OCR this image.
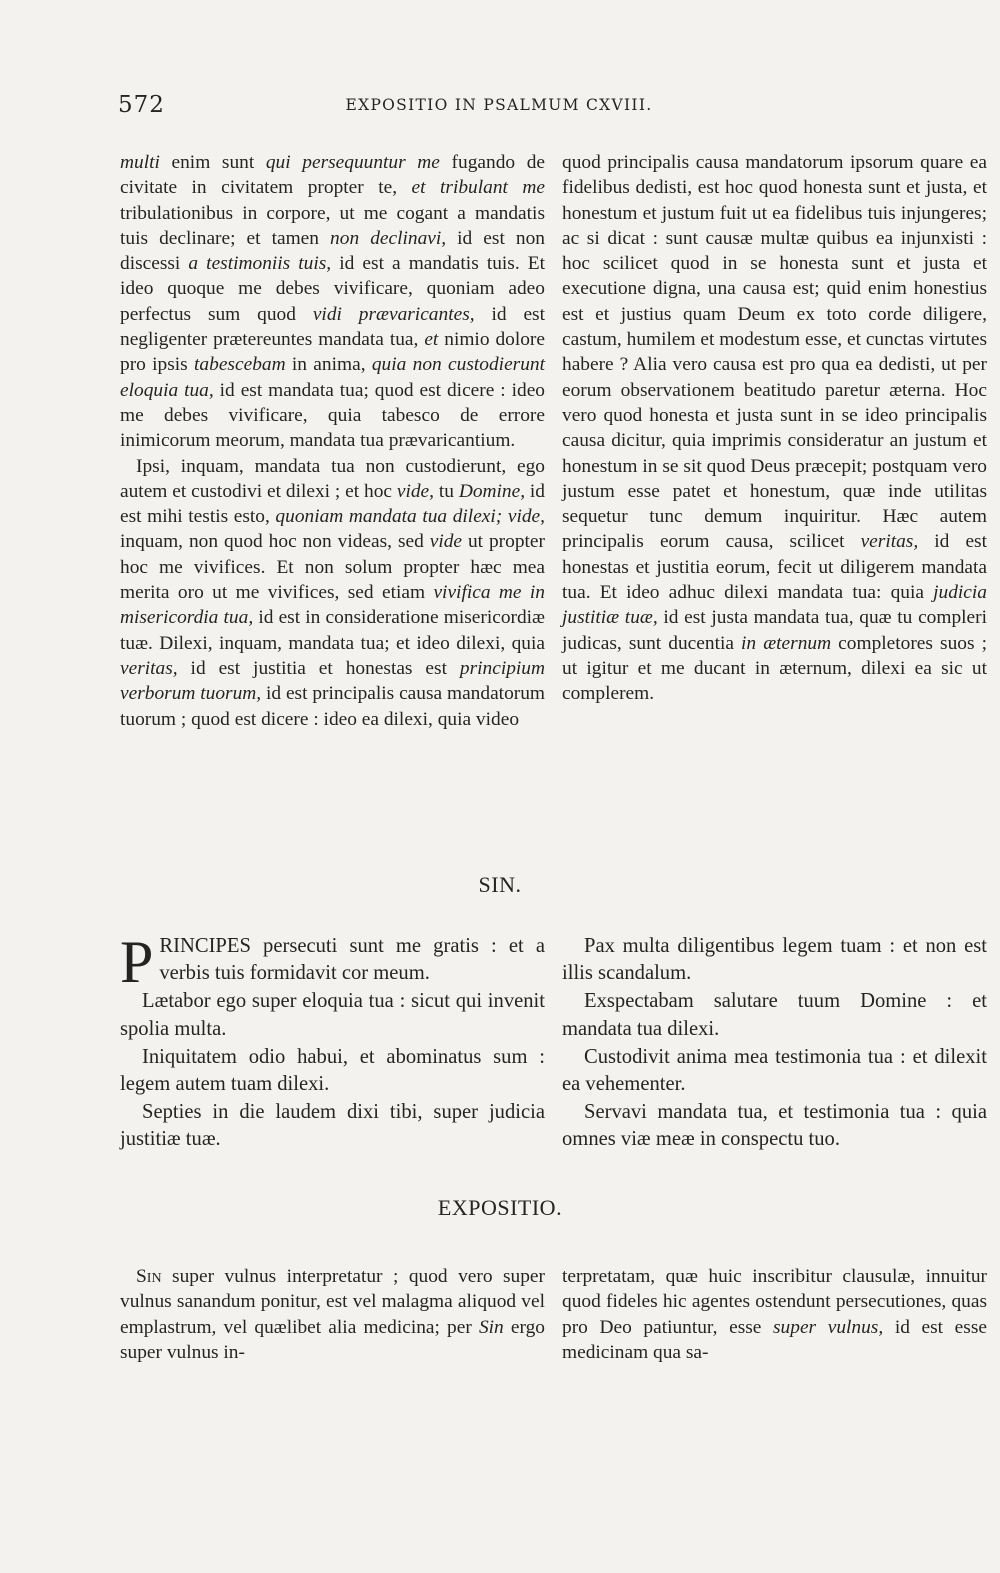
572	EXPOSITIO IN PSALMUM CXVIII.

multi enim sunt qui persequuntur me fugando de civitate in civitatem propter te, et tribulant me tribulationibus in corpore, ut me cogant a mandatis tuis declinare; et tamen non declinavi, id est non discessi a testimoniis tuis, id est a mandatis tuis. Et ideo quoque me debes vivificare, quoniam adeo perfectus sum quod vidi prævaricantes, id est negligenter prætereuntes mandata tua, et nimio dolore pro ipsis tabescebam in anima, quia non custodierunt eloquia tua, id est mandata tua; quod est dicere : ideo me debes vivificare, quia tabesco de errore inimicorum meorum, mandata tua prævaricantium.

Ipsi, inquam, mandata tua non custodierunt, ego autem et custodivi et dilexi ; et hoc vide, tu Domine, id est mihi testis esto, quoniam mandata tua dilexi; vide, inquam, non quod hoc non videas, sed vide ut propter hoc me vivifices. Et non solum propter hæc mea merita oro ut me vivifices, sed etiam vivifica me in misericordia tua, id est in consideratione misericordiæ tuæ. Dilexi, inquam, mandata tua; et ideo dilexi, quia veritas, id est justitia et honestas est principium verborum tuorum, id est principalis causa mandatorum tuorum ; quod est dicere : ideo ea dilexi, quia video

quod principalis causa mandatorum ipsorum quare ea fidelibus dedisti, est hoc quod honesta sunt et justa, et honestum et justum fuit ut ea fidelibus tuis injungeres; ac si dicat : sunt causæ multæ quibus ea injunxisti : hoc scilicet quod in se honesta sunt et justa et executione digna, una causa est; quid enim honestius est et justius quam Deum ex toto corde diligere, castum, humilem et modestum esse, et cunctas virtutes habere ? Alia vero causa est pro qua ea dedisti, ut per eorum observationem beatitudo paretur æterna. Hoc vero quod honesta et justa sunt in se ideo principalis causa dicitur, quia imprimis consideratur an justum et honestum in se sit quod Deus præcepit; postquam vero justum esse patet et honestum, quæ inde utilitas sequetur tunc demum inquiritur. Hæc autem principalis eorum causa, scilicet veritas, id est honestas et justitia eorum, fecit ut diligerem mandata tua. Et ideo adhuc dilexi mandata tua: quia judicia justitiæ tuæ, id est justa mandata tua, quæ tu compleri judicas, sunt ducentia in æternum completores suos ; ut igitur et me ducant in æternum, dilexi ea sic ut complerem.

SIN.

PRINCIPES persecuti sunt me gratis : et a verbis tuis formidavit cor meum.

Lætabor ego super eloquia tua : sicut qui invenit spolia multa.

Iniquitatem odio habui, et abominatus sum : legem autem tuam dilexi.

Septies in die laudem dixi tibi, super judicia justitiæ tuæ.

Pax multa diligentibus legem tuam : et non est illis scandalum.

Exspectabam salutare tuum Domine : et mandata tua dilexi.

Custodivit anima mea testimonia tua : et dilexit ea vehementer.

Servavi mandata tua, et testimonia tua : quia omnes viæ meæ in conspectu tuo.

EXPOSITIO.

Sin super vulnus interpretatur ; quod vero super vulnus sanandum ponitur, est vel malagma aliquod vel emplastrum, vel quælibet alia medicina; per Sin ergo super vulnus in-

terpretatam, quæ huic inscribitur clausulæ, innuitur quod fideles hic agentes ostendunt persecutiones, quas pro Deo patiuntur, esse super vulnus, id est esse medicinam qua sa-
